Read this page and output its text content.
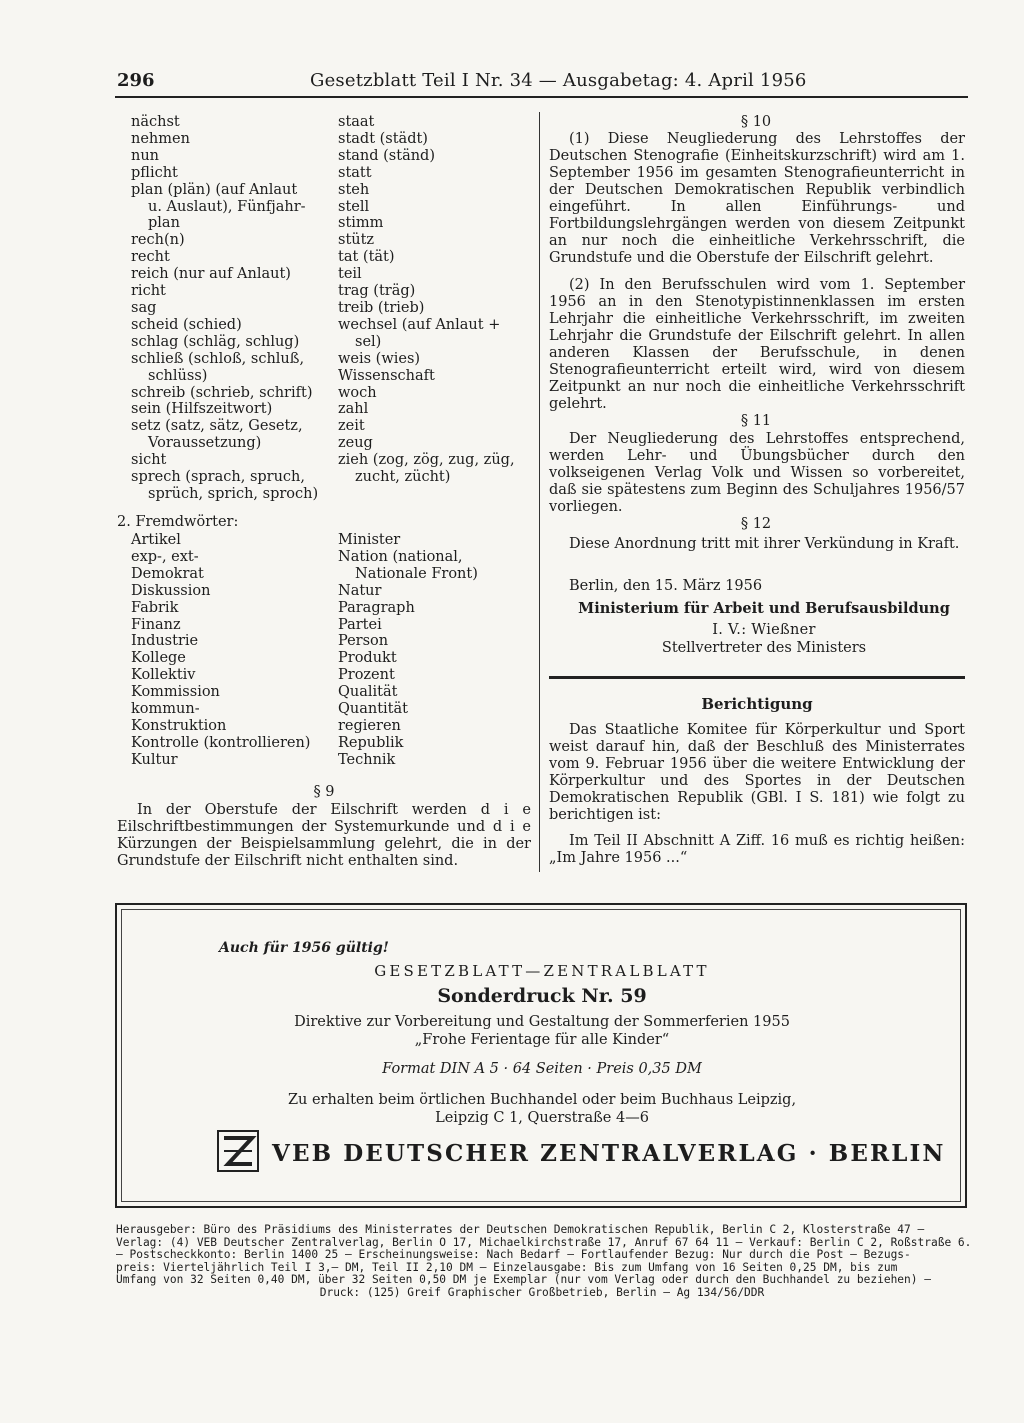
296	Gesetzblatt Teil I Nr. 34 — Ausgabetag: 4. April 1956
nächst
nehmen
nun
pflicht
plan (plän) (auf Anlaut
u. Auslaut), Fünfjahr-
plan
rech(n)
recht
reich (nur auf Anlaut)
richt
sag
scheid (schied)
schlag (schläg, schlug)
schließ (schloß, schluß,
schlüss)
schreib (schrieb, schrift)
sein (Hilfszeitwort)
setz (satz, sätz, Gesetz,
Voraussetzung)
sicht
sprech (sprach, spruch,
sprüch, sprich, sproch)
staat
stadt (städt)
stand (ständ)
statt
steh
stell
stimm
stütz
tat (tät)
teil
trag (träg)
treib (trieb)
wechsel (auf Anlaut +
sel)
weis (wies)
Wissenschaft
woch
zahl
zeit
zeug
zieh (zog, zög, zug, züg,
zucht, zücht)
2. Fremdwörter:
Artikel
exp-, ext-
Demokrat
Diskussion
Fabrik
Finanz
Industrie
Kollege
Kollektiv
Kommission
kommun-
Konstruktion
Kontrolle (kontrollieren)
Kultur
Minister
Nation (national,
Nationale Front)
Natur
Paragraph
Partei
Person
Produkt
Prozent
Qualität
Quantität
regieren
Republik
Technik
§ 9

In der Oberstufe der Eilschrift werden d i e Eilschriftbestimmungen der Systemurkunde und d i e Kürzungen der Beispielsammlung gelehrt, die in der Grundstufe der Eilschrift nicht enthalten sind.

§ 10

(1) Diese Neugliederung des Lehrstoffes der Deutschen Stenografie (Einheitskurzschrift) wird am 1. September 1956 im gesamten Stenografieunterricht in der Deutschen Demokratischen Republik verbindlich eingeführt. In allen Einführungs- und Fortbildungslehrgängen werden von diesem Zeitpunkt an nur noch die einheitliche Verkehrsschrift, die Grundstufe und die Oberstufe der Eilschrift gelehrt.

(2) In den Berufsschulen wird vom 1. September 1956 an in den Stenotypistinnenklassen im ersten Lehrjahr die einheitliche Verkehrsschrift, im zweiten Lehrjahr die Grundstufe der Eilschrift gelehrt. In allen anderen Klassen der Berufsschule, in denen Stenografieunterricht erteilt wird, wird von diesem Zeitpunkt an nur noch die einheitliche Verkehrsschrift gelehrt.

§ 11

Der Neugliederung des Lehrstoffes entsprechend, werden Lehr- und Übungsbücher durch den volkseigenen Verlag Volk und Wissen so vorbereitet, daß sie spätestens zum Beginn des Schuljahres 1956/57 vorliegen.

§ 12

Diese Anordnung tritt mit ihrer Verkündung in Kraft.

Berlin, den 15. März 1956
Ministerium für Arbeit und Berufsausbildung
I. V.: Wießner
Stellvertreter des Ministers
Berichtigung

Das Staatliche Komitee für Körperkultur und Sport weist darauf hin, daß der Beschluß des Ministerrates vom 9. Februar 1956 über die weitere Entwicklung der Körperkultur und des Sportes in der Deutschen Demokratischen Republik (GBl. I S. 181) wie folgt zu berichtigen ist:

Im Teil II Abschnitt A Ziff. 16 muß es richtig heißen: „Im Jahre 1956 ...“

Auch für 1956 gültig!
GESETZBLATT—ZENTRALBLATT
Sonderdruck Nr. 59
Direktive zur Vorbereitung und Gestaltung der Sommerferien 1955
„Frohe Ferientage für alle Kinder“
Format DIN A 5 · 64 Seiten · Preis 0,35 DM
Zu erhalten beim örtlichen Buchhandel oder beim Buchhaus Leipzig,
Leipzig C 1, Querstraße 4—6
VEB DEUTSCHER ZENTRALVERLAG · BERLIN
Herausgeber: Büro des Präsidiums des Ministerrates der Deutschen Demokratischen Republik, Berlin C 2, Klosterstraße 47 —
Verlag: (4) VEB Deutscher Zentralverlag, Berlin O 17, Michaelkirchstraße 17, Anruf 67 64 11 — Verkauf: Berlin C 2, Roßstraße 6.
— Postscheckkonto: Berlin 1400 25 — Erscheinungsweise: Nach Bedarf — Fortlaufender Bezug: Nur durch die Post — Bezugs-
preis: Vierteljährlich Teil I 3,— DM, Teil II 2,10 DM — Einzelausgabe: Bis zum Umfang von 16 Seiten 0,25 DM, bis zum
Umfang von 32 Seiten 0,40 DM, über 32 Seiten 0,50 DM je Exemplar (nur vom Verlag oder durch den Buchhandel zu beziehen) —
Druck: (125) Greif Graphischer Großbetrieb, Berlin — Ag 134/56/DDR
